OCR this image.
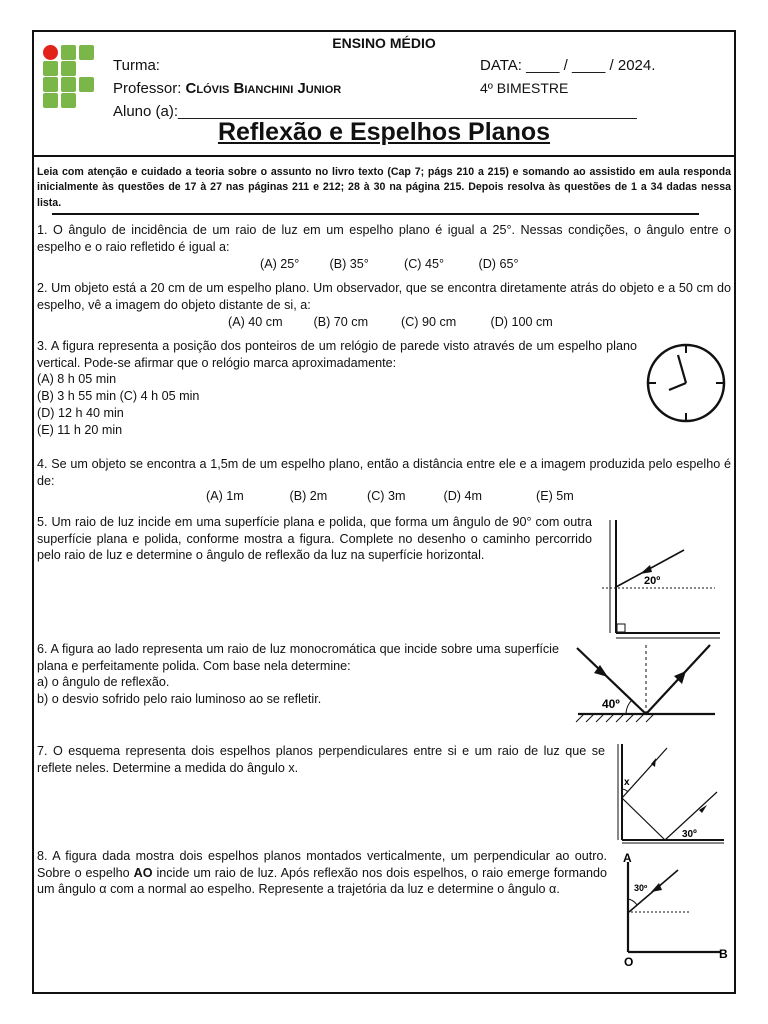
ENSINO MÉDIO
Turma:
Professor: Clóvis Bianchini Junior
Aluno (a):_______________________________________________________
DATA: ____ / ____ / 2024.
4º BIMESTRE
Reflexão e Espelhos Planos
Leia com atenção e cuidado a teoria sobre o assunto no livro texto (Cap 7; págs 210 a 215) e somando ao assistido em aula responda inicialmente às questões de 17 à 27 nas páginas 211 e 212; 28 à 30 na página 215. Depois resolva às questões de 1 a 34 dadas nessa lista.
1. O ângulo de incidência de um raio de luz em um espelho plano é igual a 25°. Nessas condições, o ângulo entre o espelho e o raio refletido é igual a:
(A) 25° (B) 35°	(C) 45°	(D) 65°
2. Um objeto está a 20 cm de um espelho plano. Um observador, que se encontra diretamente atrás do objeto e a 50 cm do espelho, vê a imagem do objeto distante de si, a:
(A) 40 cm (B) 70 cm	(C) 90 cm	(D) 100 cm
3. A figura representa a posição dos ponteiros de um relógio de parede visto através de um espelho plano vertical. Pode-se afirmar que o relógio marca aproximadamente:
(A) 8 h 05 min
(B) 3 h 55 min (C) 4 h 05 min
(D) 12 h 40 min
(E) 11 h 20 min
4. Se um objeto se encontra a 1,5m de um espelho plano, então a distância entre ele e a imagem produzida pelo espelho é de:
(A) 1m	(B) 2m	(C) 3m	(D) 4m	(E) 5m
5. Um raio de luz incide em uma superfície plana e polida, que forma um ângulo de 90° com outra superfície plana e polida, conforme mostra a figura. Complete no desenho o caminho percorrido pelo raio de luz e determine o ângulo de reflexão da luz na superfície horizontal.
20º
6. A figura ao lado representa um raio de luz monocromática que incide sobre uma superfície plana e perfeitamente polida. Com base nela determine:
a) o ângulo de reflexão.
b) o desvio sofrido pelo raio luminoso ao se refletir.	40º
7. O esquema representa dois espelhos planos perpendiculares entre si e um raio de luz que se reflete neles. Determine a medida do ângulo x.
x
30º
8. A figura dada mostra dois espelhos planos montados verticalmente, um perpendicular ao outro. Sobre o espelho AO incide um raio de luz. Após reflexão nos dois espelhos, o raio emerge formando um ângulo α com a normal ao espelho. Represente a trajetória da luz e determine o ângulo α.
A
30º
O
B
